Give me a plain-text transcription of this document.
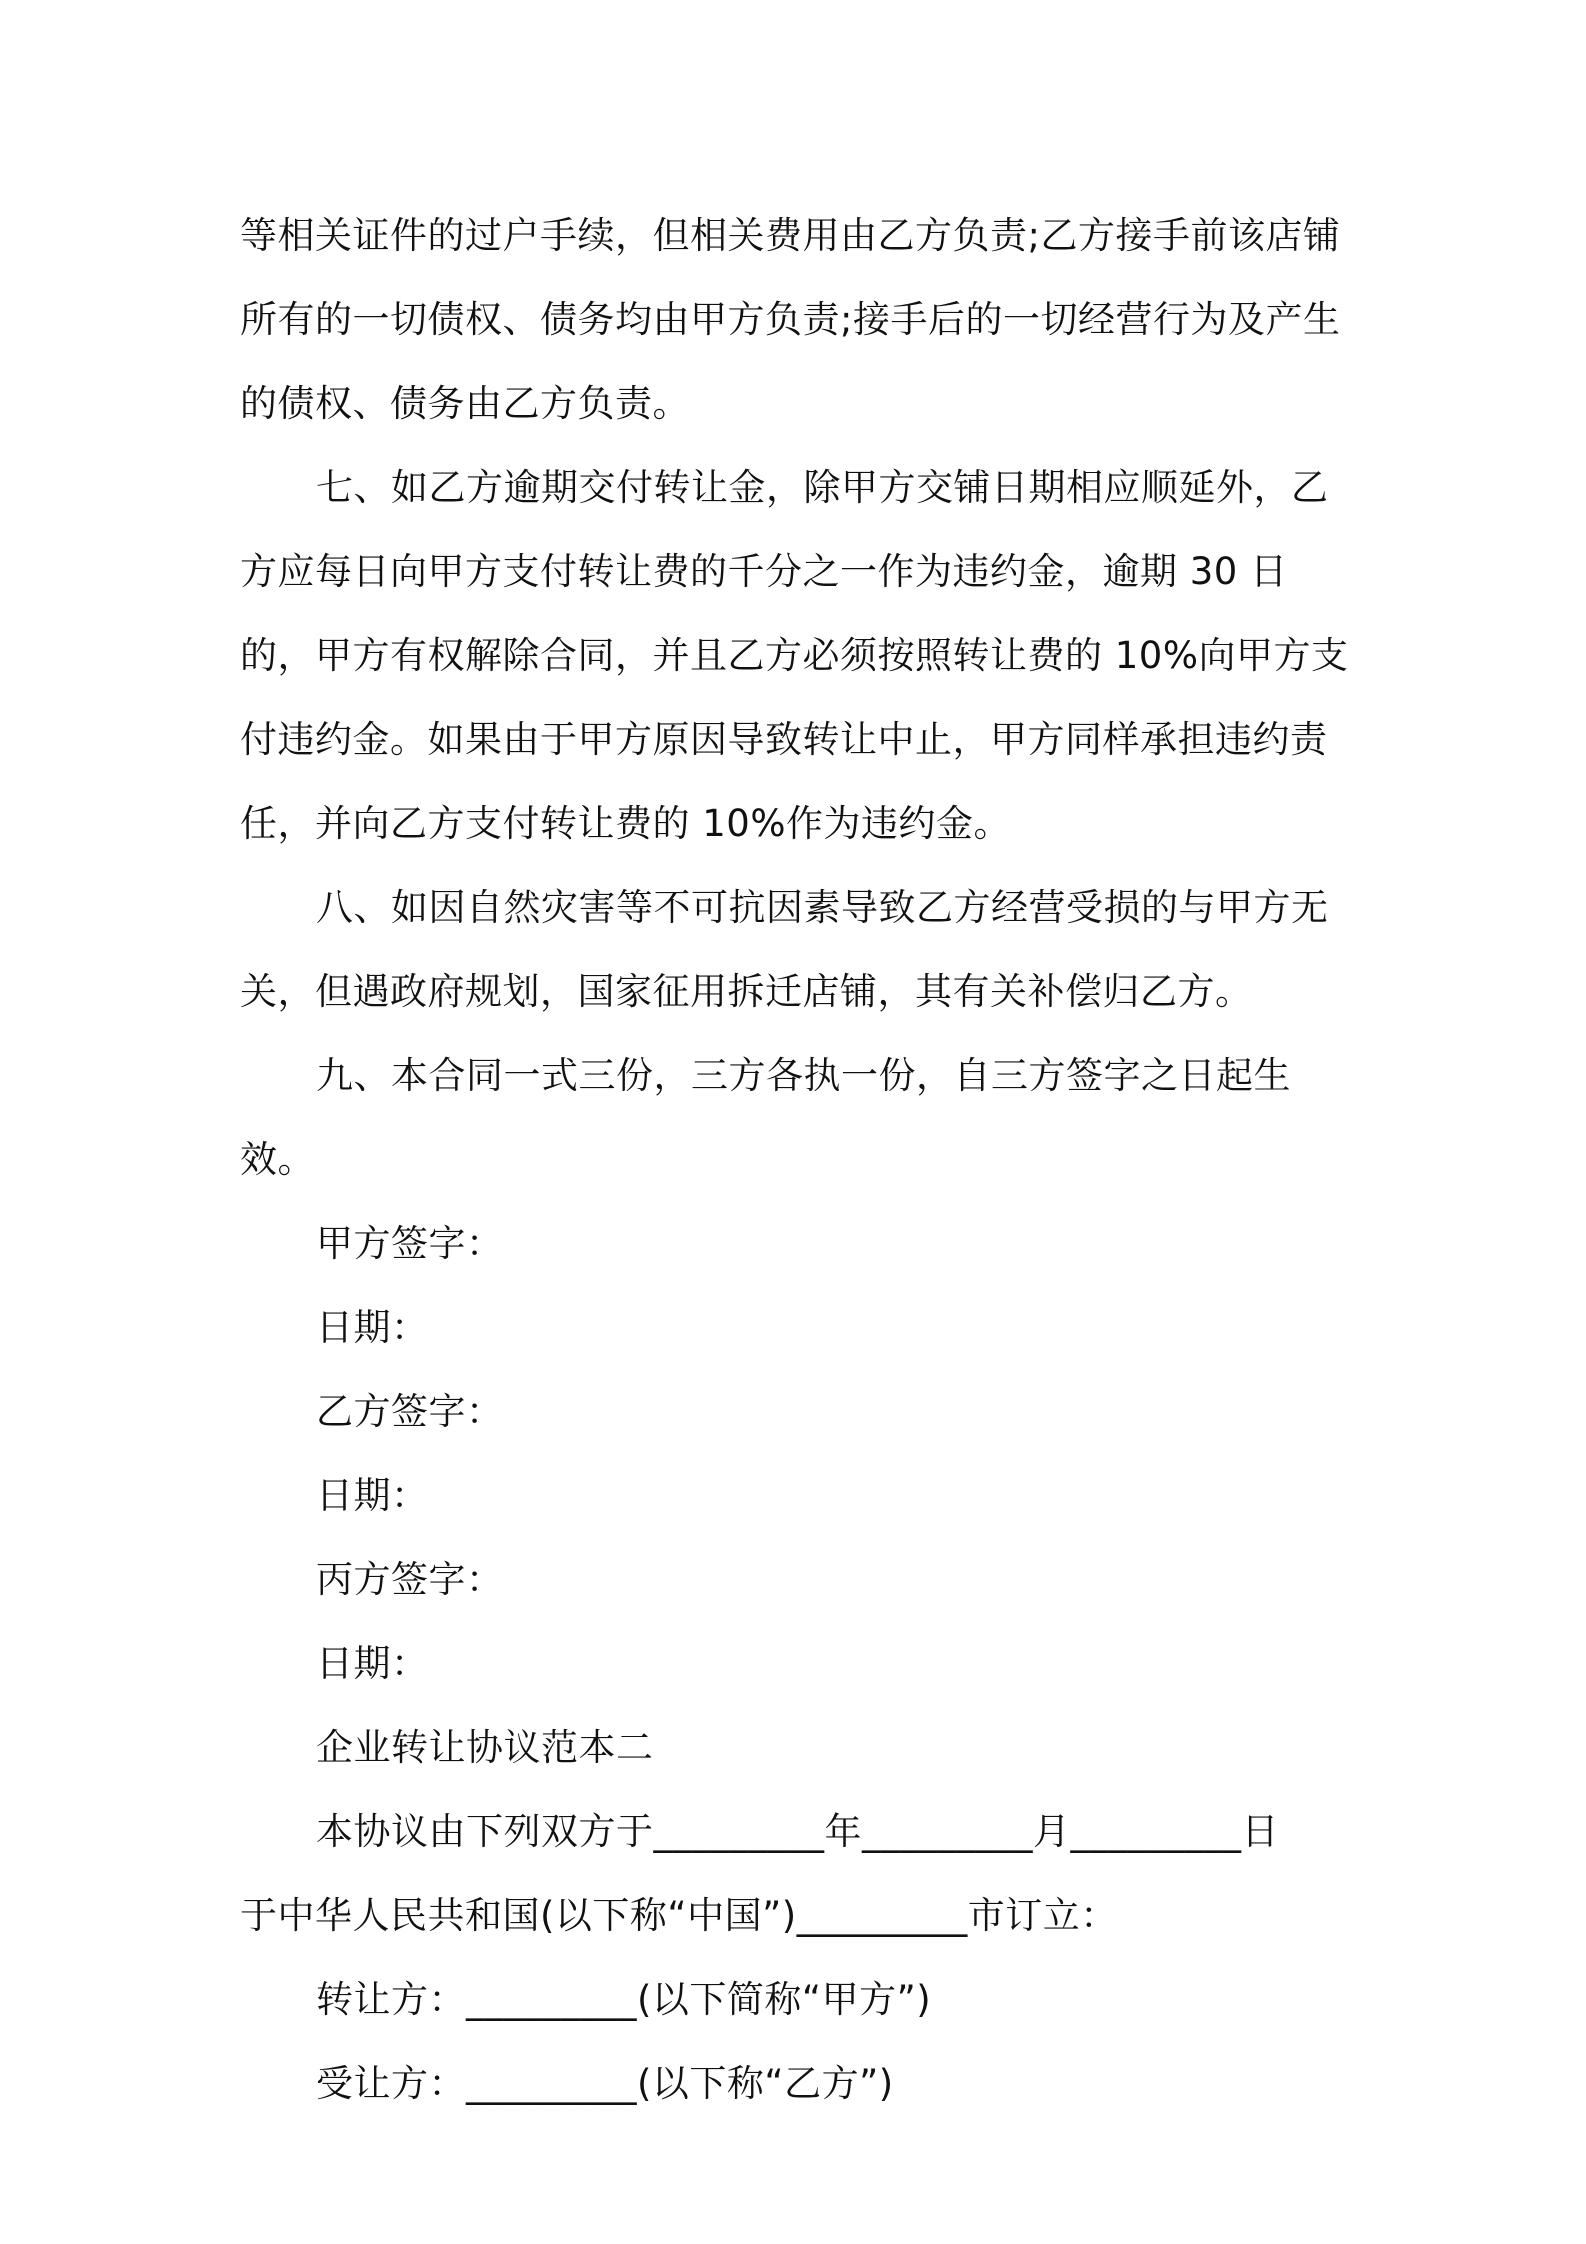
等相关证件的过户手续，但相关费用由乙方负责;乙方接手前该店铺所有的一切债权、债务均由甲方负责;接手后的一切经营行为及产生的债权、债务由乙方负责。

七、如乙方逾期交付转让金，除甲方交铺日期相应顺延外，乙方应每日向甲方支付转让费的千分之一作为违约金，逾期 30 日的，甲方有权解除合同，并且乙方必须按照转让费的 10%向甲方支付违约金。如果由于甲方原因导致转让中止，甲方同样承担违约责任，并向乙方支付转让费的 10%作为违约金。

八、如因自然灾害等不可抗因素导致乙方经营受损的与甲方无关，但遇政府规划，国家征用拆迁店铺，其有关补偿归乙方。

九、本合同一式三份，三方各执一份，自三方签字之日起生效。

甲方签字：

日期：

乙方签字：

日期：

丙方签字：

日期：

企业转让协议范本二

本协议由下列双方于_________年_________月_________日

于中华人民共和国(以下称“中国”)_________市订立：

转让方：_________(以下简称“甲方”)

受让方：_________(以下称“乙方”)
